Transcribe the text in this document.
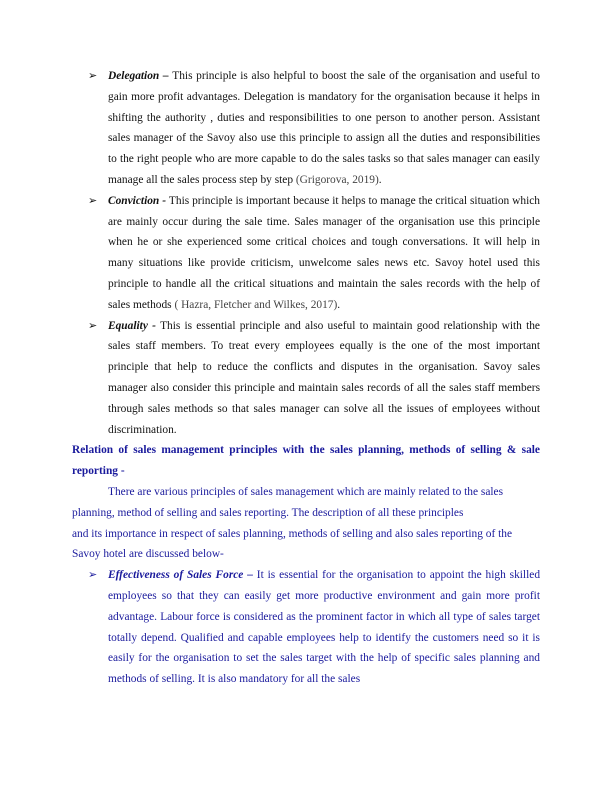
➢ Delegation – This principle is also helpful to boost the sale of the organisation and useful to gain more profit advantages. Delegation is mandatory for the organisation because it helps in shifting the authority , duties and responsibilities to one person to another person. Assistant sales manager of the Savoy also use this principle to assign all the duties and responsibilities to the right people who are more capable to do the sales tasks so that sales manager can easily manage all the sales process step by step (Grigorova, 2019).

➢ Conviction - This principle is important because it helps to manage the critical situation which are mainly occur during the sale time. Sales manager of the organisation use this principle when he or she experienced some critical choices and tough conversations. It will help in many situations like provide criticism, unwelcome sales news etc. Savoy hotel used this principle to handle all the critical situations and maintain the sales records with the help of sales methods ( Hazra, Fletcher and Wilkes, 2017).

➢ Equality - This is essential principle and also useful to maintain good relationship with the sales staff members. To treat every employees equally is the one of the most important principle that help to reduce the conflicts and disputes in the organisation. Savoy sales manager also consider this principle and maintain sales records of all the sales staff members through sales methods so that sales manager can solve all the issues of employees without discrimination.

Relation of sales management principles with the sales planning, methods of selling & sale reporting -

There are various principles of sales management which are mainly related to the sales planning, method of selling and sales reporting. The description of all these principles
and its importance in respect of sales planning, methods of selling and also sales reporting of the Savoy hotel are discussed below-

➢ Effectiveness of Sales Force – It is essential for the organisation to appoint the high skilled employees so that they can easily get more productive environment and gain more profit advantage. Labour force is considered as the prominent factor in which all type of sales target totally depend. Qualified and capable employees help to identify the customers need so it is easily for the organisation to set the sales target with the help of specific sales planning and methods of selling. It is also mandatory for all the sales
